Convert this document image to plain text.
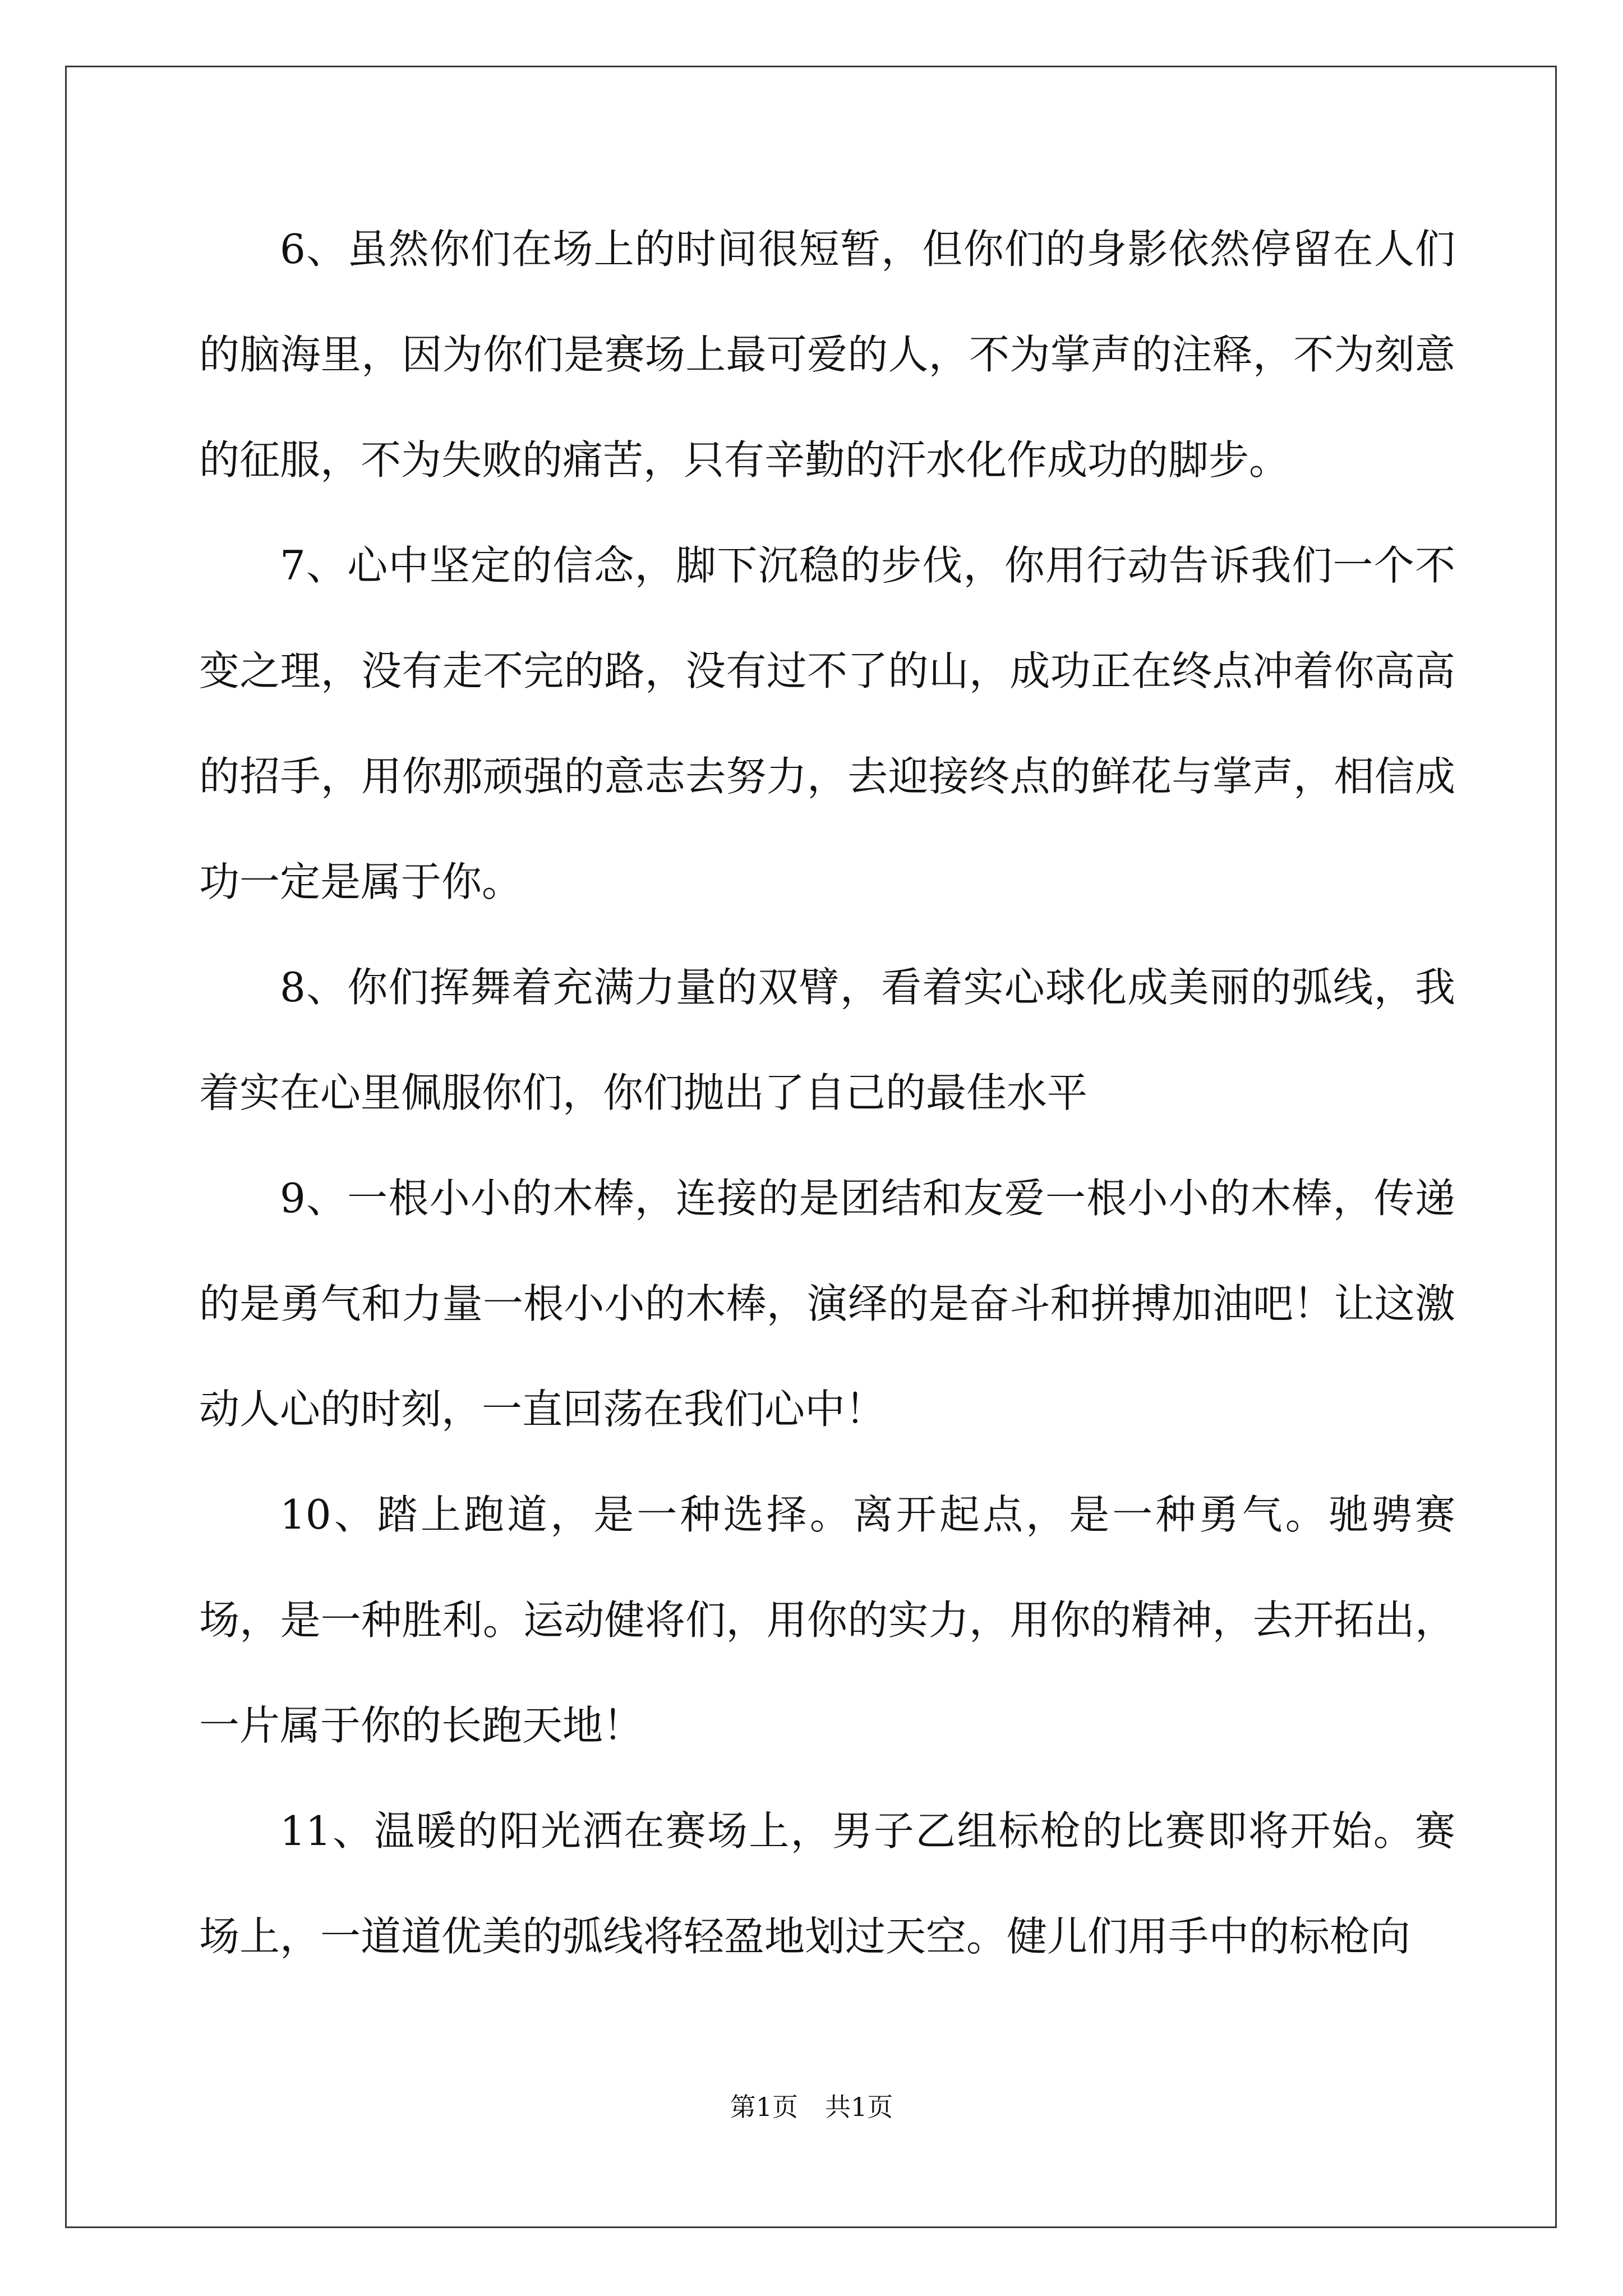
6、虽然你们在场上的时间很短暂，但你们的身影依然停留在人们的脑海里，因为你们是赛场上最可爱的人，不为掌声的注释，不为刻意的征服，不为失败的痛苦，只有辛勤的汗水化作成功的脚步。

7、心中坚定的信念，脚下沉稳的步伐，你用行动告诉我们一个不变之理，没有走不完的路，没有过不了的山，成功正在终点冲着你高高的招手，用你那顽强的意志去努力，去迎接终点的鲜花与掌声，相信成功一定是属于你。

8、你们挥舞着充满力量的双臂，看着实心球化成美丽的弧线，我着实在心里佩服你们，你们抛出了自己的最佳水平

9、一根小小的木棒，连接的是团结和友爱一根小小的木棒，传递的是勇气和力量一根小小的木棒，演绎的是奋斗和拼搏加油吧！让这激动人心的时刻，一直回荡在我们心中！

10、踏上跑道，是一种选择。离开起点，是一种勇气。驰骋赛场，是一种胜利。运动健将们，用你的实力，用你的精神，去开拓出，一片属于你的长跑天地！

11、温暖的阳光洒在赛场上，男子乙组标枪的比赛即将开始。赛场上，一道道优美的弧线将轻盈地划过天空。健儿们用手中的标枪向

第1页 共1页
